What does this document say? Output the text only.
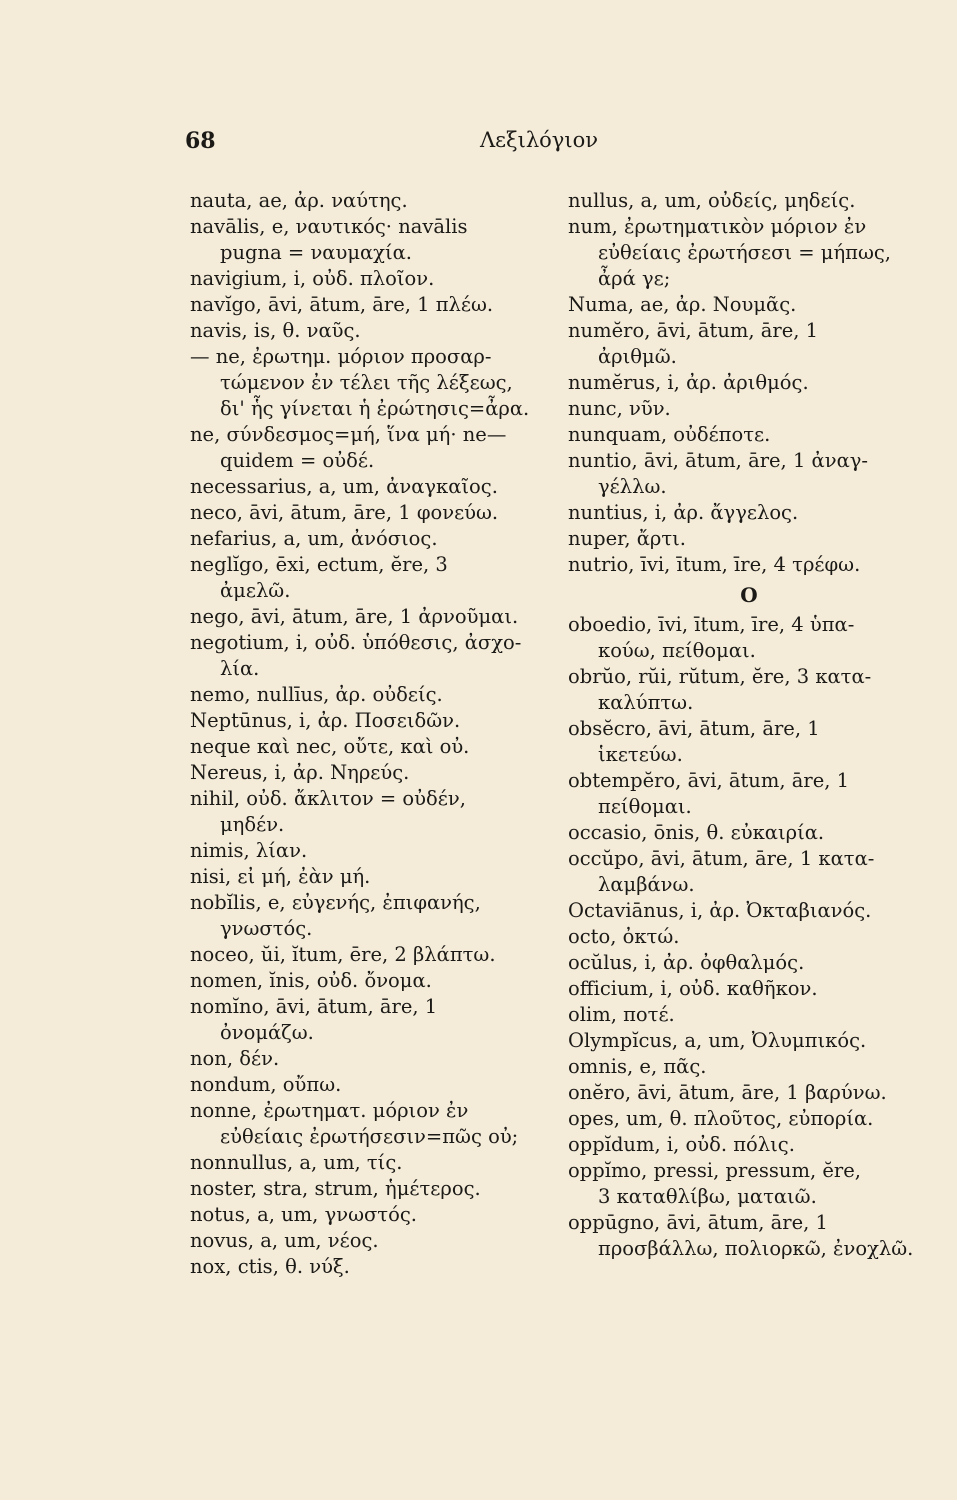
68	Λεξιλόγιον
nauta, ae, ἀρ. ναύτης.
navālis, e, ναυτικός· navālis
pugna = ναυμαχία.
navigium, i, οὐδ. πλοῖον.
navĭgo, āvi, ātum, āre, 1 πλέω.
navis, is, θ. ναῦς.
— ne, ἐρωτημ. μόριον προσαρ-
τώμενον ἐν τέλει τῆς λέξεως,
δι' ἧς γίνεται ἡ ἐρώτησις=ἆρα.
ne, σύνδεσμος=μή, ἵνα μή· ne—
quidem = οὐδέ.
necessarius, a, um, ἀναγκαῖος.
neco, āvi, ātum, āre, 1 φονεύω.
nefarius, a, um, ἀνόσιος.
neglĭgo, ēxi, ectum, ĕre, 3
ἀμελῶ.
nego, āvi, ātum, āre, 1 ἀρνοῦμαι.
negotium, i, οὐδ. ὑπόθεσις, ἀσχο-
λία.
nemo, nullīus, ἀρ. οὐδείς.
Neptūnus, i, ἀρ. Ποσειδῶν.
neque καὶ nec, οὔτε, καὶ οὐ.
Nereus, i, ἀρ. Νηρεύς.
nihil, οὐδ. ἄκλιτον = οὐδέν,
μηδέν.
nimis, λίαν.
nisi, εἰ μή, ἐὰν μή.
nobĭlis, e, εὐγενής, ἐπιφανής,
γνωστός.
noceo, ŭi, ĭtum, ēre, 2 βλάπτω.
nomen, ĭnis, οὐδ. ὄνομα.
nomĭno, āvi, ātum, āre, 1
ὀνομάζω.
non, δέν.
nondum, οὔπω.
nonne, ἐρωτηματ. μόριον ἐν
εὐθείαις ἐρωτήσεσιν=πῶς οὐ;
nonnullus, a, um, τίς.
noster, stra, strum, ἡμέτερος.
notus, a, um, γνωστός.
novus, a, um, νέος.
nox, ctis, θ. νύξ.
nullus, a, um, οὐδείς, μηδείς.
num, ἐρωτηματικὸν μόριον ἐν
εὐθείαις ἐρωτήσεσι = μήπως,
ἆρά γε;
Numa, ae, ἀρ. Νουμᾶς.
numĕro, āvi, ātum, āre, 1
ἀριθμῶ.
numĕrus, i, ἀρ. ἀριθμός.
nunc, νῦν.
nunquam, οὐδέποτε.
nuntio, āvi, ātum, āre, 1 ἀναγ-
γέλλω.
nuntius, i, ἀρ. ἄγγελος.
nuper, ἄρτι.
nutrio, īvi, ītum, īre, 4 τρέφω.
O
oboedio, īvi, ītum, īre, 4 ὑπα-
κούω, πείθομαι.
obrŭo, rŭi, rŭtum, ĕre, 3 κατα-
καλύπτω.
obsĕcro, āvi, ātum, āre, 1
ἱκετεύω.
obtempĕro, āvi, ātum, āre, 1
πείθομαι.
occasio, ōnis, θ. εὐκαιρία.
occŭpo, āvi, ātum, āre, 1 κατα-
λαμβάνω.
Octaviānus, i, ἀρ. Ὀκταβιανός.
octo, ὀκτώ.
ocŭlus, i, ἀρ. ὀφθαλμός.
officium, i, οὐδ. καθῆκον.
olim, ποτέ.
Olympĭcus, a, um, Ὀλυμπικός.
omnis, e, πᾶς.
onĕro, āvi, ātum, āre, 1 βαρύνω.
opes, um, θ. πλοῦτος, εὐπορία.
oppĭdum, i, οὐδ. πόλις.
oppĭmo, pressi, pressum, ĕre,
3 καταθλίβω, ματαιῶ.
oppūgno, āvi, ātum, āre, 1
προσβάλλω, πολιορκῶ, ἐνοχλῶ.
